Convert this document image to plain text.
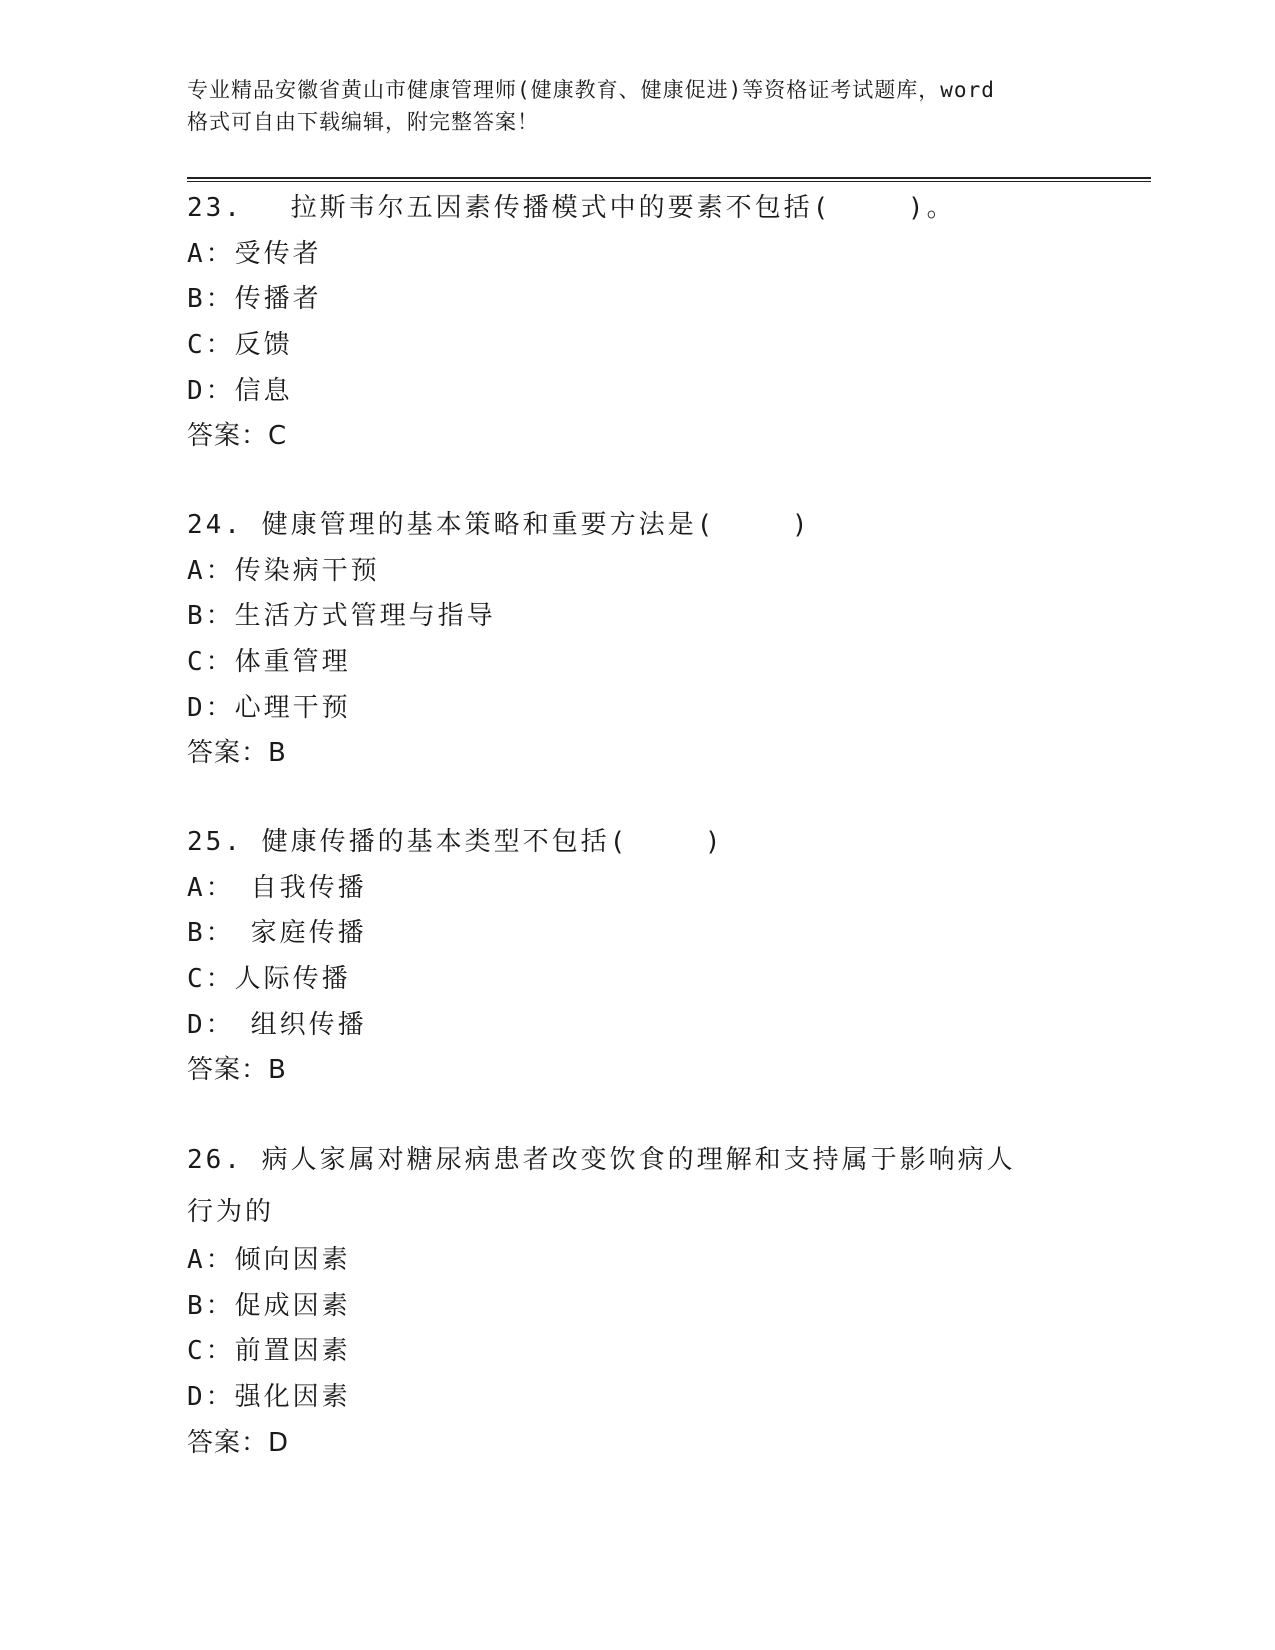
专业精品安徽省黄山市健康管理师(健康教育、健康促进)等资格证考试题库，word
格式可自由下载编辑，附完整答案！
23.　 拉斯韦尔五因素传播模式中的要素不包括(　　 )。
A：受传者
B：传播者
C：反馈
D：信息
答案：C
24. 健康管理的基本策略和重要方法是(　　 )
A：传染病干预
B：生活方式管理与指导
C：体重管理
D：心理干预
答案：B
25. 健康传播的基本类型不包括(　　 )
A：　自我传播
B：　家庭传播
C：人际传播
D：　组织传播
答案：B
26. 病人家属对糖尿病患者改变饮食的理解和支持属于影响病人行为的
A：倾向因素
B：促成因素
C：前置因素
D：强化因素
答案：D
